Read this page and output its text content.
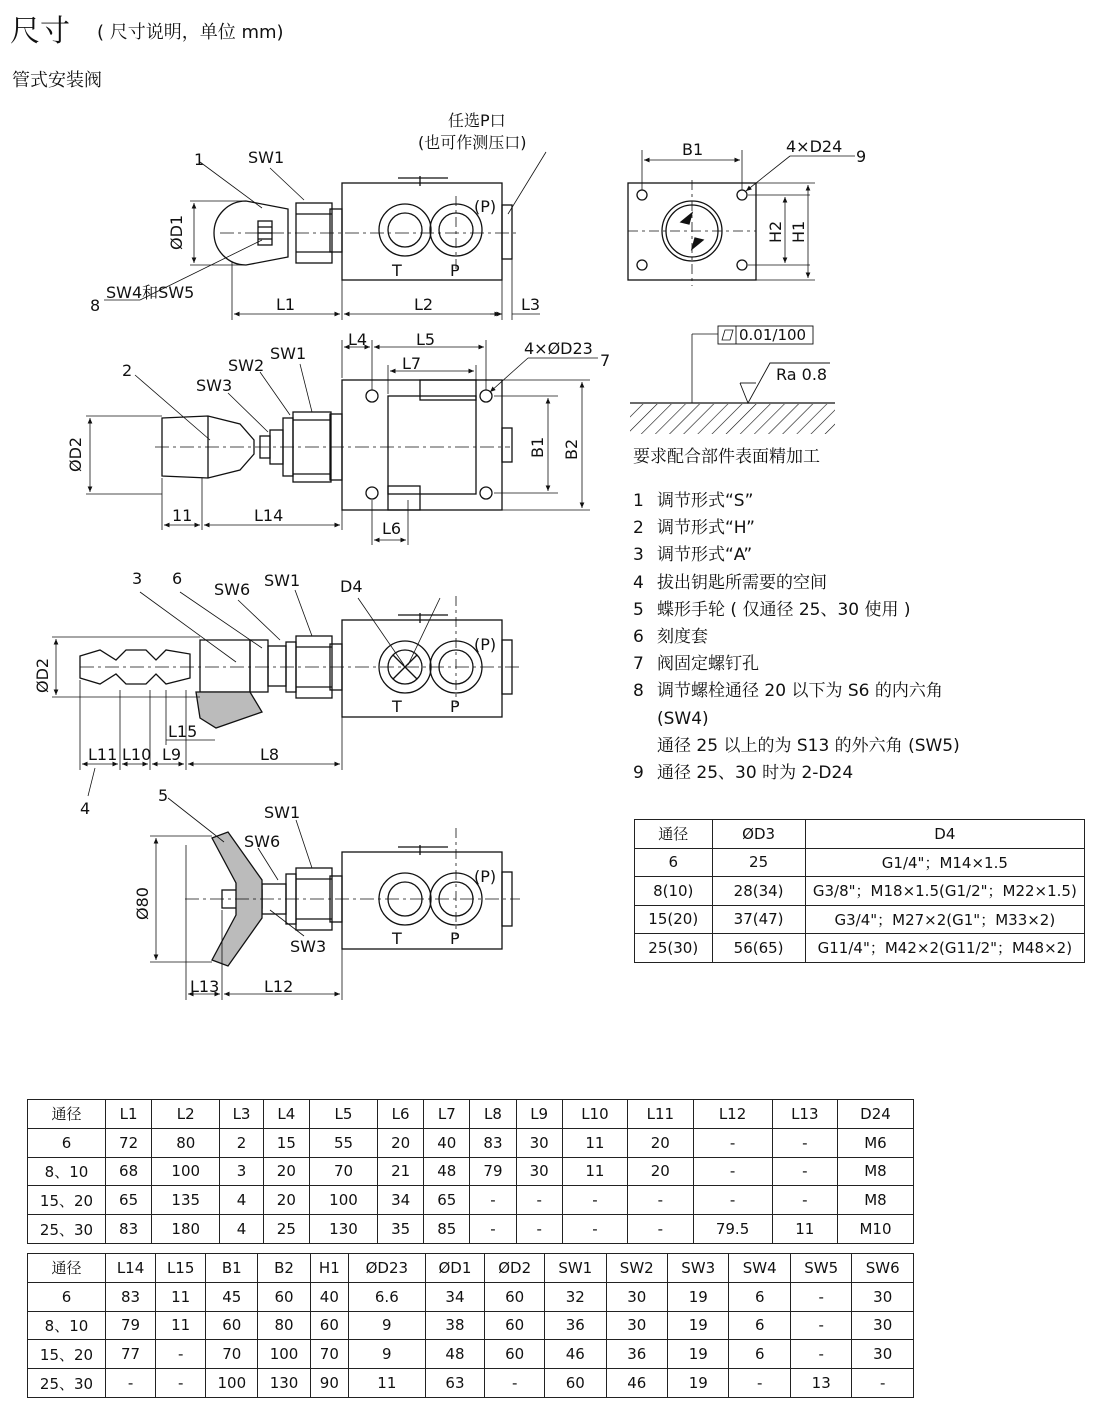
尺寸 ( 尺寸说明，单位 mm)
管式安装阀
1	SW1
ØD1
8
SW4和SW5
L1	L2	L3
T	P
(P)
任选P口
(也可作测压口)	B1	4×D24
9
H2 H1
0.01/100
Ra 0.8
2
SW3
SW2
SW1
L4	L5
L7
4×ØD23
7
ØD2
11	L14
L6
B1 B2
3 6
SW6 SW1 D4
ØD2
L15
L11 L10 L9	L8
4
T	P
(P)
5
SW1
SW6
SW3
Ø80
L13	L12
T	P
(P)
要求配合部件表面精加工
1 调节形式“S”
2 调节形式“H”
3 调节形式“A”
4 拔出钥匙所需要的空间
5 蝶形手轮 ( 仅通径 25、30 使用 )
6 刻度套
7 阀固定螺钉孔
8 调节螺栓通径 20 以下为 S6 的内六角
(SW4)
通径 25 以上的为 S13 的外六角 (SW5)
9 通径 25、30 时为 2-D24
通径	ØD3	D4
6	25	G1/4"；M14×1.5
8(10)	28(34)	G3/8"；M18×1.5(G1/2"；M22×1.5)
15(20)	37(47)	G3/4"；M27×2(G1"；M33×2)
25(30)	56(65)	G11/4"；M42×2(G11/2"；M48×2)
通径	L1	L2	L3	L4	L5	L6	L7	L8	L9	L10	L11	L12	L13	D24
6	72	80	2	15	55	20	40	83	30	11	20	-	-	M6
8、10	68	100	3	20	70	21	48	79	30	11	20	-	-	M8
15、20	65	135	4	20	100	34	65	-	-	-	-	-	-	M8
25、30	83	180	4	25	130	35	85	-	-	-	-	79.5	11	M10
通径	L14	L15	B1	B2	H1	ØD23	ØD1	ØD2	SW1	SW2	SW3	SW4	SW5	SW6
6	83	11	45	60	40	6.6	34	60	32	30	19	6	-	30
8、10	79	11	60	80	60	9	38	60	36	30	19	6	-	30
15、20	77	-	70	100	70	9	48	60	46	36	19	6	-	30
25、30	-	-	100	130	90	11	63	-	60	46	19	-	13	-
